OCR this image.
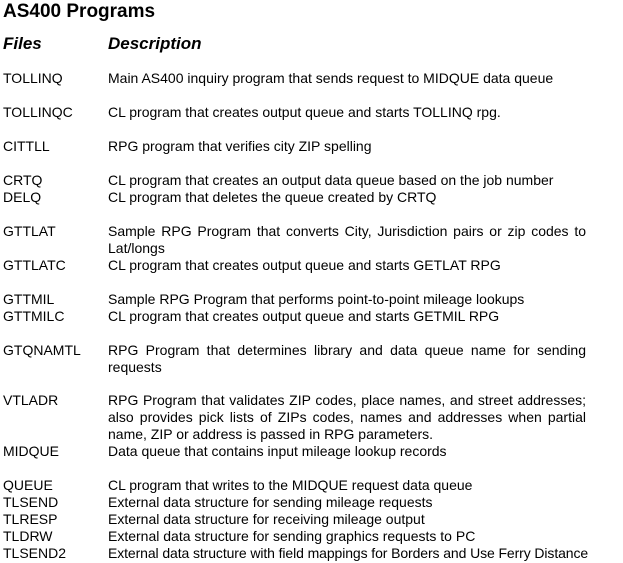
AS400 Programs
Files	Description
TOLLINQ	Main AS400 inquiry program that sends request to MIDQUE data queue
TOLLINQC	CL program that creates output queue and starts TOLLINQ rpg.
CITTLL	RPG program that verifies city ZIP spelling
CRTQ	CL program that creates an output data queue based on the job number
DELQ	CL program that deletes the queue created by CRTQ
GTTLAT	Sample RPG Program that converts City, Jurisdiction pairs or zip codes to Lat/longs
GTTLATC	CL program that creates output queue and starts GETLAT RPG
GTTMIL	Sample RPG Program that performs point-to-point mileage lookups
GTTMILC	CL program that creates output queue and starts GETMIL RPG
GTQNAMTL RPG Program that determines library and data queue name for sending requests
VTLADR	RPG Program that validates ZIP codes, place names, and street addresses; also provides pick lists of ZIPs codes, names and addresses when partial name, ZIP or address is passed in RPG parameters.
MIDQUE	Data queue that contains input mileage lookup records
QUEUE	CL program that writes to the MIDQUE request data queue
TLSEND	External data structure for sending mileage requests
TLRESP	External data structure for receiving mileage output
TLDRW	External data structure for sending graphics requests to PC
TLSEND2	External data structure with field mappings for Borders and Use Ferry Distance
